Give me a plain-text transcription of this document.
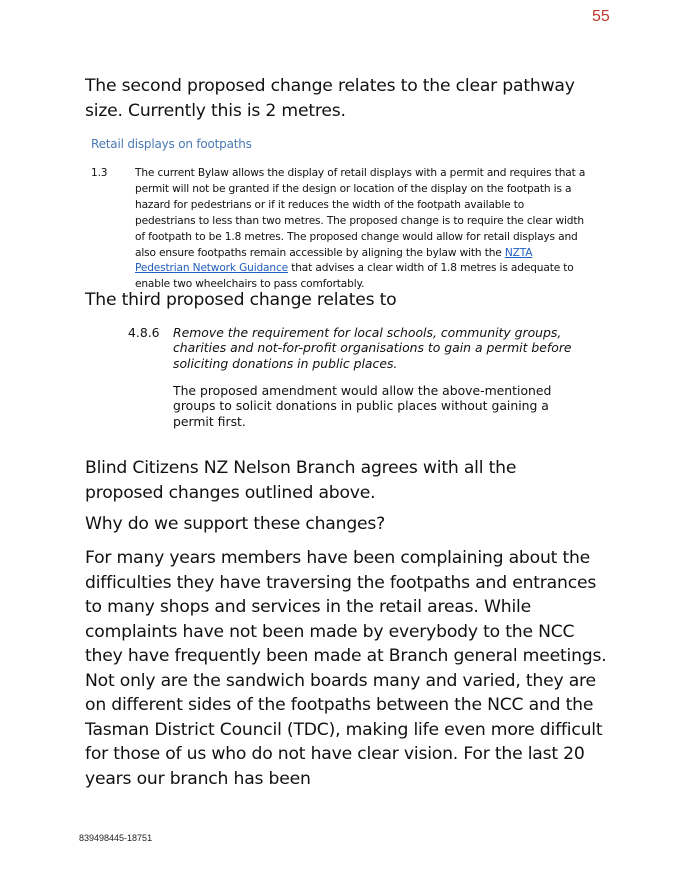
55

The second proposed change relates to the clear pathway size. Currently this is 2 metres.

Retail displays on footpaths

1.3	The current Bylaw allows the display of retail displays with a permit and requires that a permit will not be granted if the design or location of the display on the footpath is a hazard for pedestrians or if it reduces the width of the footpath available to pedestrians to less than two metres. The proposed change is to require the clear width of footpath to be 1.8 metres. The proposed change would allow for retail displays and also ensure footpaths remain accessible by aligning the bylaw with the NZTA Pedestrian Network Guidance that advises a clear width of 1.8 metres is adequate to enable two wheelchairs to pass comfortably.

The third proposed change relates to

4.8.6 Remove the requirement for local schools, community groups, charities and not-for-profit organisations to gain a permit before soliciting donations in public places.

The proposed amendment would allow the above-mentioned groups to solicit donations in public places without gaining a permit first.

Blind Citizens NZ Nelson Branch agrees with all the proposed changes outlined above.

Why do we support these changes?

For many years members have been complaining about the difficulties they have traversing the footpaths and entrances to many shops and services in the retail areas. While complaints have not been made by everybody to the NCC they have frequently been made at Branch general meetings. Not only are the sandwich boards many and varied, they are on different sides of the footpaths between the NCC and the Tasman District Council (TDC), making life even more difficult for those of us who do not have clear vision. For the last 20 years our branch has been

839498445-18751
